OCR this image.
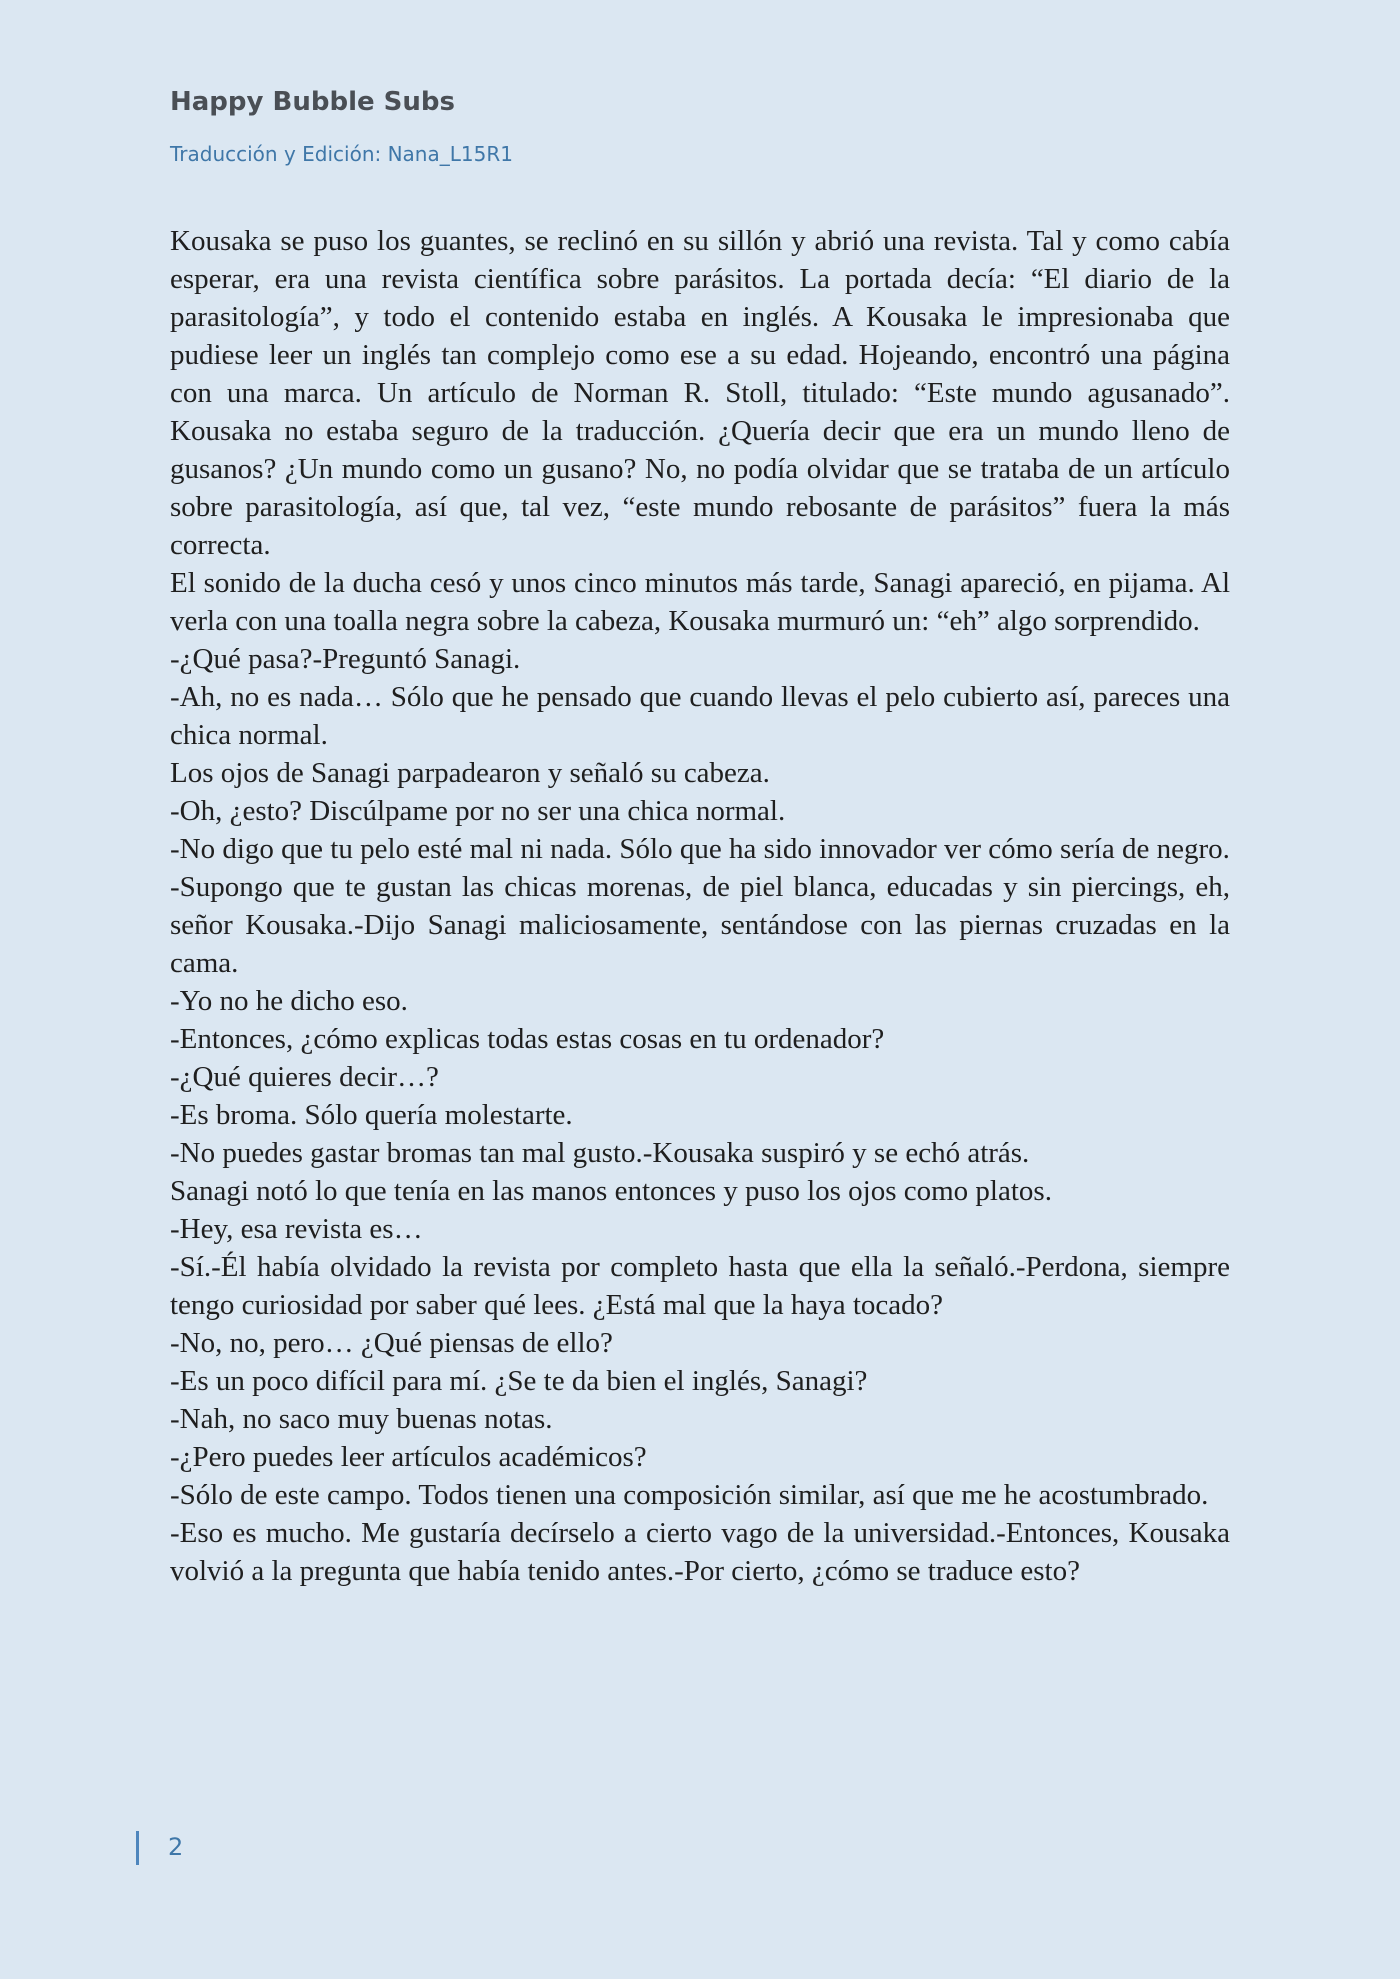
Happy Bubble Subs
Traducción y Edición: Nana_L15R1

Kousaka se puso los guantes, se reclinó en su sillón y abrió una revista. Tal y como cabía esperar, era una revista científica sobre parásitos. La portada decía: “El diario de la parasitología”, y todo el contenido estaba en inglés. A Kousaka le impresionaba que pudiese leer un inglés tan complejo como ese a su edad. Hojeando, encontró una página con una marca. Un artículo de Norman R. Stoll, titulado: “Este mundo agusanado”. Kousaka no estaba seguro de la traducción. ¿Quería decir que era un mundo lleno de gusanos? ¿Un mundo como un gusano? No, no podía olvidar que se trataba de un artículo sobre parasitología, así que, tal vez, “este mundo rebosante de parásitos” fuera la más correcta.

El sonido de la ducha cesó y unos cinco minutos más tarde, Sanagi apareció, en pijama. Al verla con una toalla negra sobre la cabeza, Kousaka murmuró un: “eh” algo sorprendido.

-¿Qué pasa?-Preguntó Sanagi.

-Ah, no es nada… Sólo que he pensado que cuando llevas el pelo cubierto así, pareces una chica normal.

Los ojos de Sanagi parpadearon y señaló su cabeza.

-Oh, ¿esto? Discúlpame por no ser una chica normal.

-No digo que tu pelo esté mal ni nada. Sólo que ha sido innovador ver cómo sería de negro.

-Supongo que te gustan las chicas morenas, de piel blanca, educadas y sin piercings, eh, señor Kousaka.-Dijo Sanagi maliciosamente, sentándose con las piernas cruzadas en la cama.

-Yo no he dicho eso.

-Entonces, ¿cómo explicas todas estas cosas en tu ordenador?

-¿Qué quieres decir…?

-Es broma. Sólo quería molestarte.

-No puedes gastar bromas tan mal gusto.-Kousaka suspiró y se echó atrás.

Sanagi notó lo que tenía en las manos entonces y puso los ojos como platos.

-Hey, esa revista es…

-Sí.-Él había olvidado la revista por completo hasta que ella la señaló.-Perdona, siempre tengo curiosidad por saber qué lees. ¿Está mal que la haya tocado?

-No, no, pero… ¿Qué piensas de ello?

-Es un poco difícil para mí. ¿Se te da bien el inglés, Sanagi?

-Nah, no saco muy buenas notas.

-¿Pero puedes leer artículos académicos?

-Sólo de este campo. Todos tienen una composición similar, así que me he acostumbrado.

-Eso es mucho. Me gustaría decírselo a cierto vago de la universidad.-Entonces, Kousaka volvió a la pregunta que había tenido antes.-Por cierto, ¿cómo se traduce esto?

2
